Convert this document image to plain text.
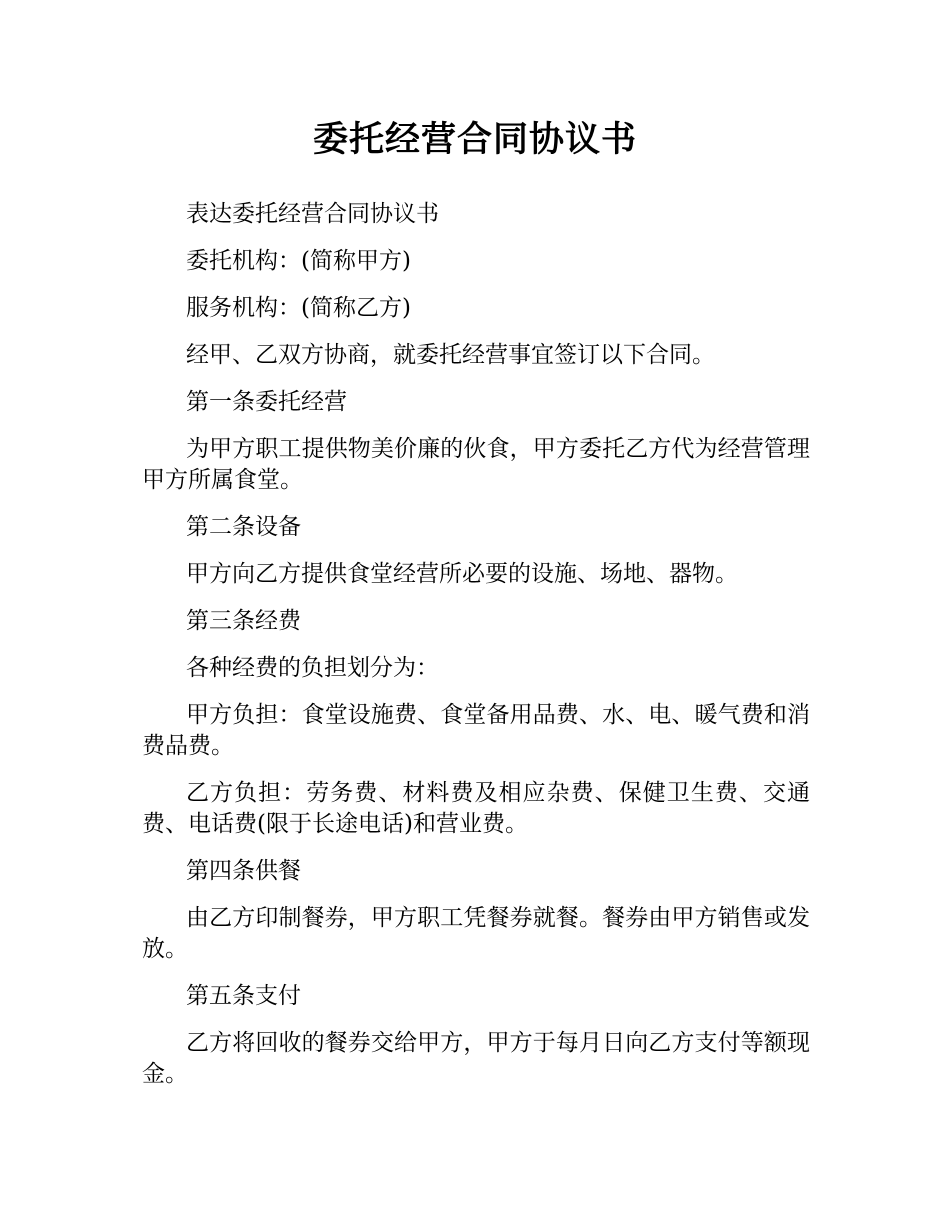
委托经营合同协议书

表达委托经营合同协议书

委托机构：(简称甲方)

服务机构：(简称乙方)

经甲、乙双方协商，就委托经营事宜签订以下合同。

第一条委托经营

为甲方职工提供物美价廉的伙食，甲方委托乙方代为经营管理甲方所属食堂。

第二条设备

甲方向乙方提供食堂经营所必要的设施、场地、器物。

第三条经费

各种经费的负担划分为：

甲方负担：食堂设施费、食堂备用品费、水、电、暖气费和消费品费。

乙方负担：劳务费、材料费及相应杂费、保健卫生费、交通费、电话费(限于长途电话)和营业费。

第四条供餐

由乙方印制餐券，甲方职工凭餐券就餐。餐券由甲方销售或发放。

第五条支付

乙方将回收的餐券交给甲方，甲方于每月日向乙方支付等额现金。
